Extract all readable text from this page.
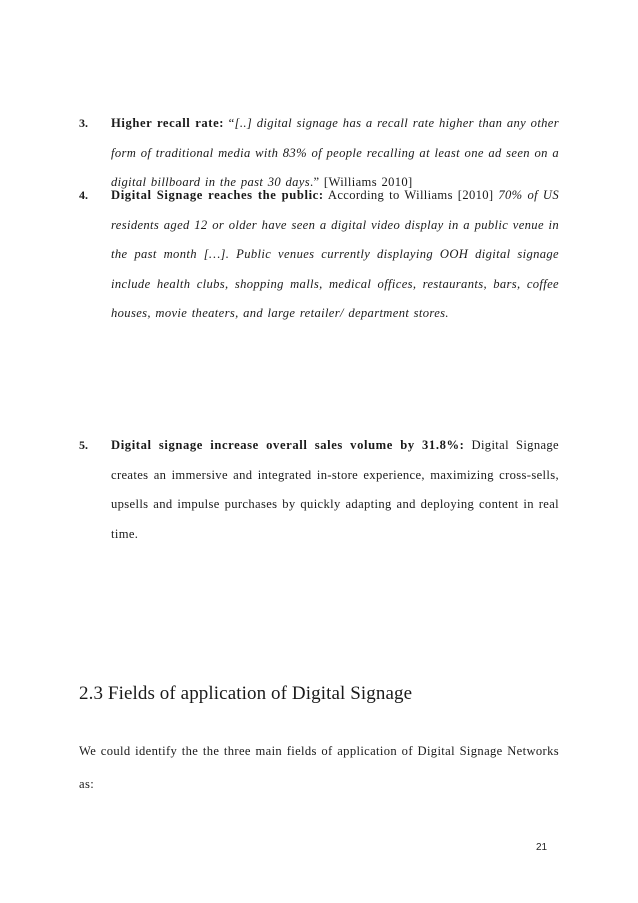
3. Higher recall rate: “[..] digital signage has a recall rate higher than any other form of traditional media with 83% of people recalling at least one ad seen on a digital billboard in the past 30 days.” [Williams 2010]
4. Digital Signage reaches the public: According to Williams [2010] 70% of US residents aged 12 or older have seen a digital video display in a public venue in the past month […]. Public venues currently displaying OOH digital signage include health clubs, shopping malls, medical offices, restaurants, bars, coffee houses, movie theaters, and large retailer/ department stores.
5. Digital signage increase overall sales volume by 31.8%: Digital Signage creates an immersive and integrated in-store experience, maximizing cross-sells, upsells and impulse purchases by quickly adapting and deploying content in real time.
2.3 Fields of application of Digital Signage
We could identify the the three main fields of application of Digital Signage Networks as:
21
